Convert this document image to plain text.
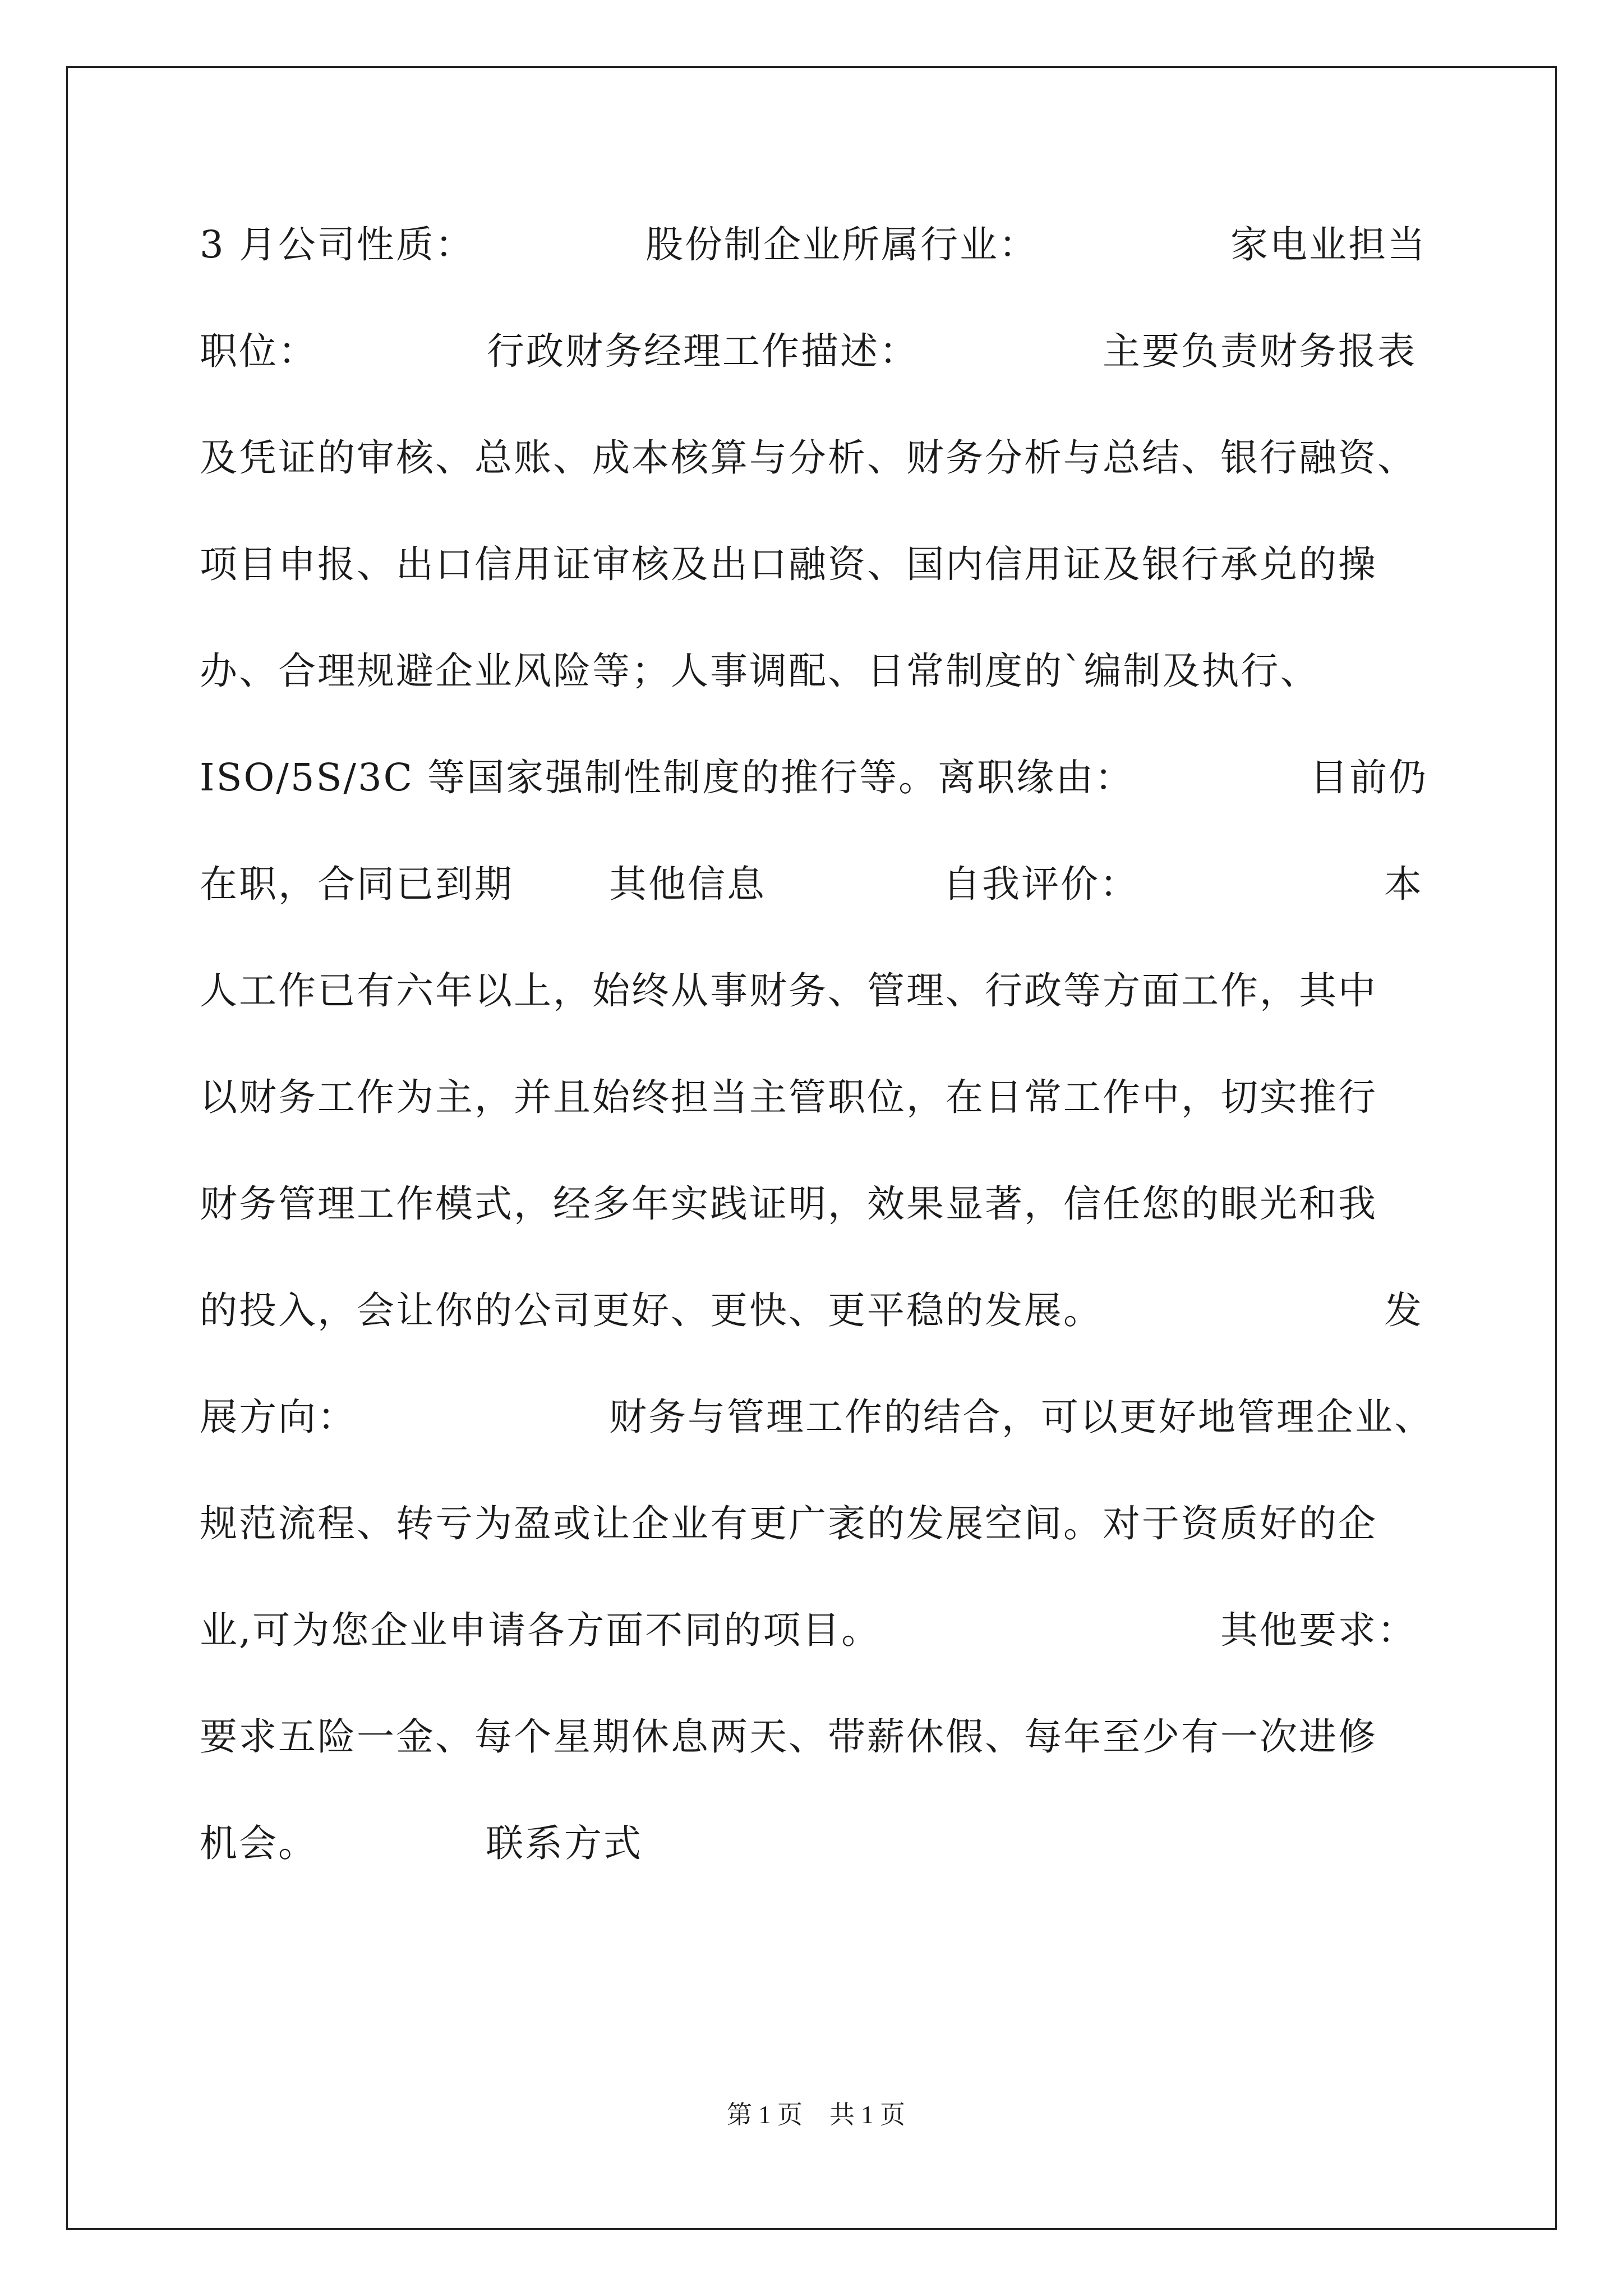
3 月公司性质：	股份制企业所属行业：	家电业担当

职位：	行政财务经理工作描述：	主要负责财务报表

及凭证的审核、总账、成本核算与分析、财务分析与总结、银行融资、

项目申报、出口信用证审核及出口融资、国内信用证及银行承兑的操

办、合理规避企业风险等；人事调配、日常制度的`编制及执行、

ISO/5S/3C 等国家强制性制度的推行等。离职缘由：	目前仍

在职，合同已到期	其他信息	自我评价：	本

人工作已有六年以上，始终从事财务、管理、行政等方面工作，其中

以财务工作为主，并且始终担当主管职位，在日常工作中，切实推行

财务管理工作模式，经多年实践证明，效果显著，信任您的眼光和我

的投入，会让你的公司更好、更快、更平稳的发展。	发

展方向：	财务与管理工作的结合，可以更好地管理企业、

规范流程、转亏为盈或让企业有更广袤的发展空间。对于资质好的企

业,可为您企业申请各方面不同的项目。	其他要求：

要求五险一金、每个星期休息两天、带薪休假、每年至少有一次进修

机会。	联系方式

第 1 页 共 1 页
